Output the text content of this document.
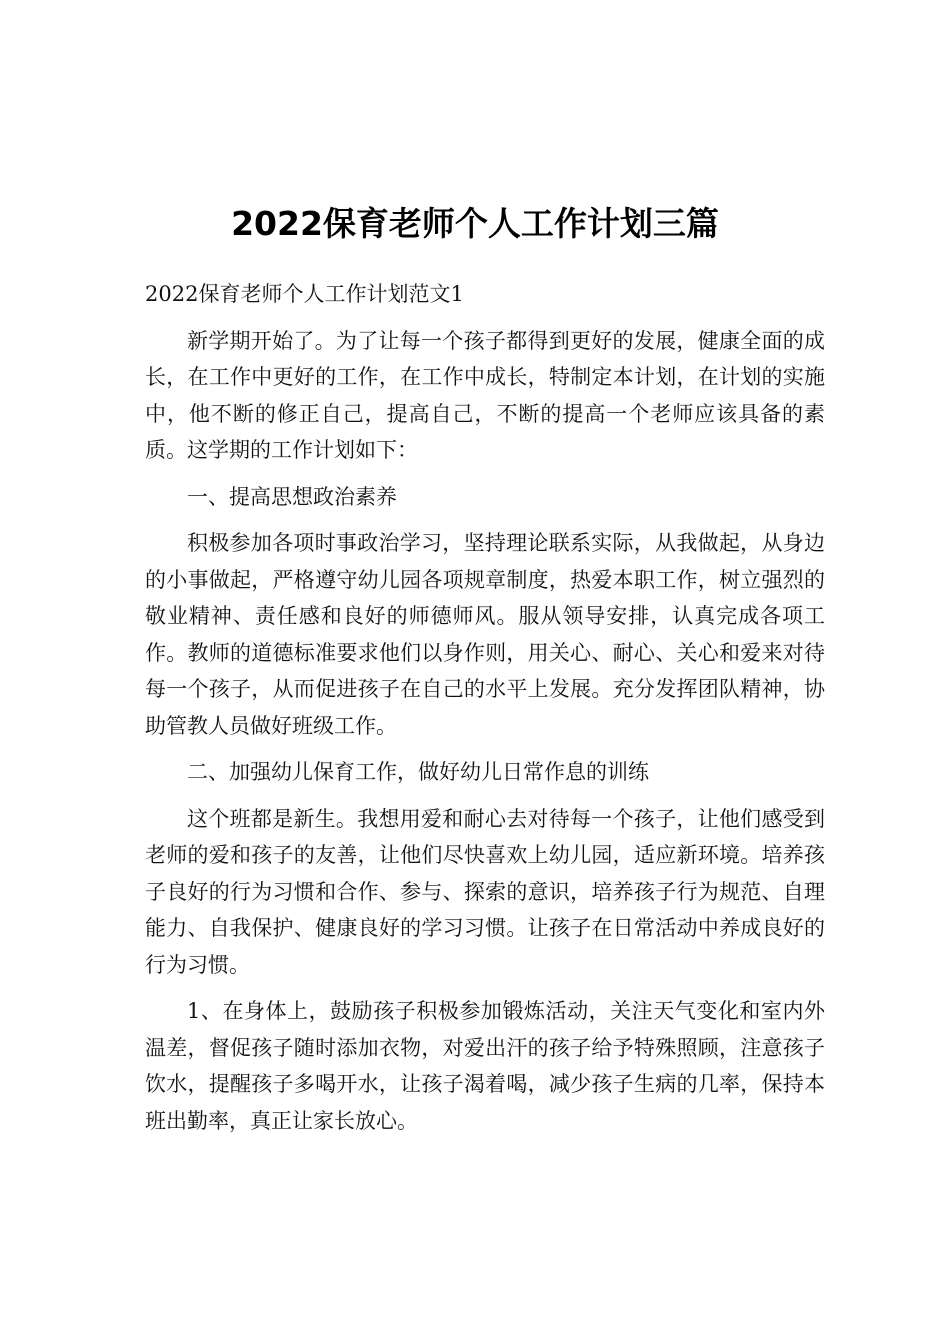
2022保育老师个人工作计划三篇

2022保育老师个人工作计划范文1

新学期开始了。为了让每一个孩子都得到更好的发展，健康全面的成长，在工作中更好的工作，在工作中成长，特制定本计划，在计划的实施中，他不断的修正自己，提高自己，不断的提高一个老师应该具备的素质。这学期的工作计划如下：

一、提高思想政治素养

积极参加各项时事政治学习，坚持理论联系实际，从我做起，从身边的小事做起，严格遵守幼儿园各项规章制度，热爱本职工作，树立强烈的敬业精神、责任感和良好的师德师风。服从领导安排，认真完成各项工作。教师的道德标准要求他们以身作则，用关心、耐心、关心和爱来对待每一个孩子，从而促进孩子在自己的水平上发展。充分发挥团队精神，协助管教人员做好班级工作。

二、加强幼儿保育工作，做好幼儿日常作息的训练

这个班都是新生。我想用爱和耐心去对待每一个孩子，让他们感受到老师的爱和孩子的友善，让他们尽快喜欢上幼儿园，适应新环境。培养孩子良好的行为习惯和合作、参与、探索的意识，培养孩子行为规范、自理能力、自我保护、健康良好的学习习惯。让孩子在日常活动中养成良好的行为习惯。

1、在身体上，鼓励孩子积极参加锻炼活动，关注天气变化和室内外温差，督促孩子随时添加衣物，对爱出汗的孩子给予特殊照顾，注意孩子饮水，提醒孩子多喝开水，让孩子渴着喝，减少孩子生病的几率，保持本班出勤率，真正让家长放心。
